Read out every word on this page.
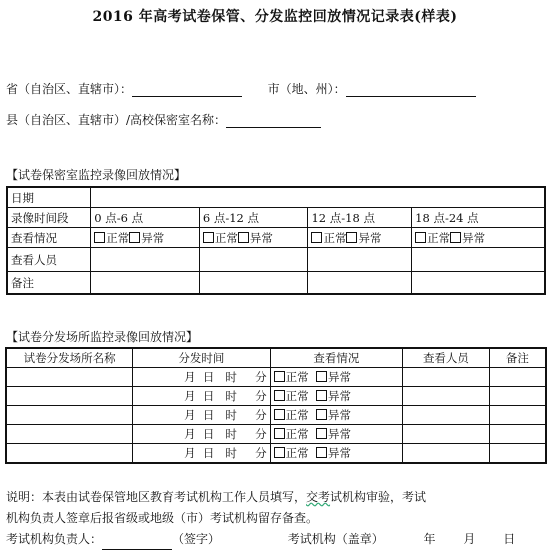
2016 年高考试卷保管、分发监控回放情况记录表(样表)
省（自治区、直辖市）：	市（地、州）：
县（自治区、直辖市）/高校保密室名称：
【试卷保密室监控录像回放情况】
日期				
录像时间段	0 点-6 点	6 点-12 点	12 点-18 点	18 点-24 点
查看情况	正常 异常	正常 异常	正常 异常	正常 异常
查看人员				
备注				
【试卷分发场所监控录像回放情况】
试卷分发场所名称	分发时间	查看情况	查看人员	备注
	月 日 时 分	正常 异常		
	月 日 时 分	正常 异常		
	月 日 时 分	正常 异常		
	月 日 时 分	正常 异常		
	月 日 时 分	正常 异常		
说明：本表由试卷保管地区教育考试机构工作人员填写，交考试机构审验，考试
机构负责人签章后报省级或地级（市）考试机构留存备查。
考试机构负责人：	（签字）	考试机构（盖章）	年 月 日
